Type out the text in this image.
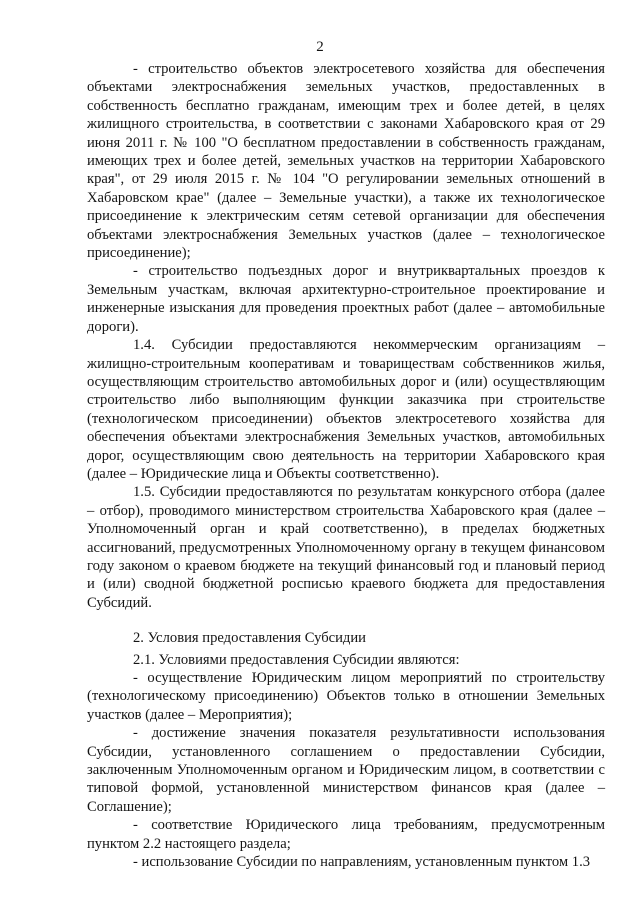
2

- строительство объектов электросетевого хозяйства для обеспечения объектами электроснабжения земельных участков, предоставленных в собственность бесплатно гражданам, имеющим трех и более детей, в целях жилищного строительства, в соответствии с законами Хабаровского края от 29 июня 2011 г. № 100 "О бесплатном предоставлении в собственность гражданам, имеющих трех и более детей, земельных участков на территории Хабаровского края", от 29 июля 2015 г. № 104 "О регулировании земельных отношений в Хабаровском крае" (далее – Земельные участки), а также их технологическое присоединение к электрическим сетям сетевой организации для обеспечения объектами электроснабжения Земельных участков (далее – технологическое присоединение);

- строительство подъездных дорог и внутриквартальных проездов к Земельным участкам, включая архитектурно-строительное проектирование и инженерные изыскания для проведения проектных работ (далее – автомобильные дороги).

1.4. Субсидии предоставляются некоммерческим организациям – жилищно-строительным кооперативам и товариществам собственников жилья, осуществляющим строительство автомобильных дорог и (или) осуществляющим строительство либо выполняющим функции заказчика при строительстве (технологическом присоединении) объектов электросетевого хозяйства для обеспечения объектами электроснабжения Земельных участков, автомобильных дорог, осуществляющим свою деятельность на территории Хабаровского края (далее – Юридические лица и Объекты соответственно).

1.5. Субсидии предоставляются по результатам конкурсного отбора (далее – отбор), проводимого министерством строительства Хабаровского края (далее – Уполномоченный орган и край соответственно), в пределах бюджетных ассигнований, предусмотренных Уполномоченному органу в текущем финансовом году законом о краевом бюджете на текущий финансовый год и плановый период и (или) сводной бюджетной росписью краевого бюджета для предоставления Субсидий.

2. Условия предоставления Субсидии

2.1. Условиями предоставления Субсидии являются:

- осуществление Юридическим лицом мероприятий по строительству (технологическому присоединению) Объектов только в отношении Земельных участков (далее – Мероприятия);

- достижение значения показателя результативности использования Субсидии, установленного соглашением о предоставлении Субсидии, заключенным Уполномоченным органом и Юридическим лицом, в соответствии с типовой формой, установленной министерством финансов края (далее – Соглашение);

- соответствие Юридического лица требованиям, предусмотренным пунктом 2.2 настоящего раздела;

- использование Субсидии по направлениям, установленным пунктом 1.3
